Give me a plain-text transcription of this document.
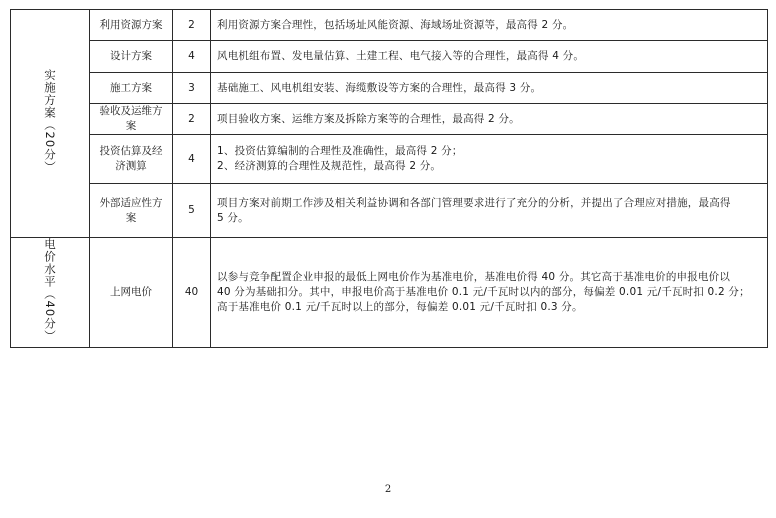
实施方案（20分）	利用资源方案	2	利用资源方案合理性，包括场址风能资源、海域场址资源等，最高得 2 分。

	设计方案	4	风电机组布置、发电量估算、土建工程、电气接入等的合理性，最高得 4 分。

	施工方案	3	基础施工、风电机组安装、海缆敷设等方案的合理性，最高得 3 分。

	验收及运维方案	2	项目验收方案、运维方案及拆除方案等的合理性，最高得 2 分。

	投资估算及经济测算	4	1、投资估算编制的合理性及准确性，最高得 2 分；
2、经济测算的合理性及规范性，最高得 2 分。

	外部适应性方案	5	项目方案对前期工作涉及相关利益协调和各部门管理要求进行了充分的分析，并提出了合理应对措施，最高得
5 分。

电价水平（40分）	上网电价	40	以参与竞争配置企业申报的最低上网电价作为基准电价，基准电价得 40 分。其它高于基准电价的申报电价以
40 分为基础扣分。其中，申报电价高于基准电价 0.1 元/千瓦时以内的部分，每偏差 0.01 元/千瓦时扣 0.2 分；
高于基准电价 0.1 元/千瓦时以上的部分，每偏差 0.01 元/千瓦时扣 0.3 分。
2
